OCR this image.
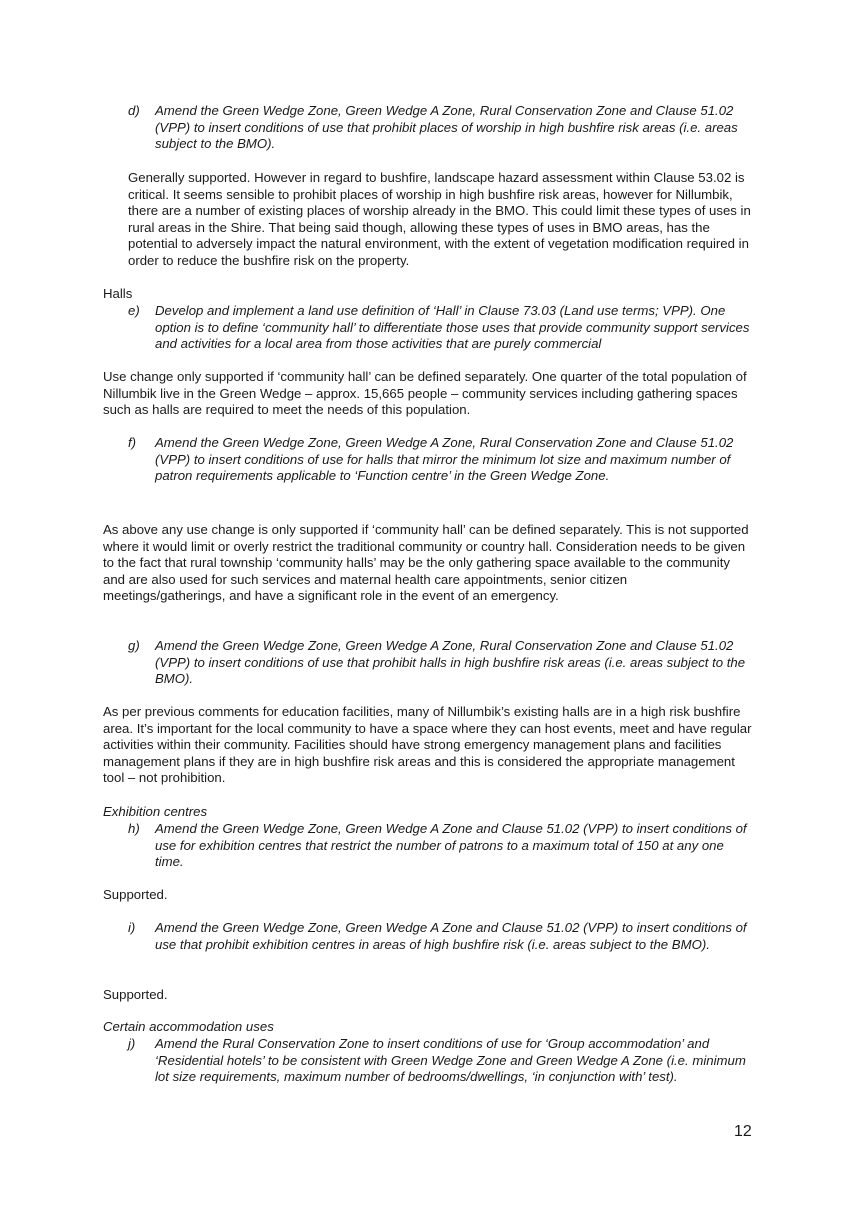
d) Amend the Green Wedge Zone, Green Wedge A Zone, Rural Conservation Zone and Clause 51.02 (VPP) to insert conditions of use that prohibit places of worship in high bushfire risk areas (i.e. areas subject to the BMO).

Generally supported. However in regard to bushfire, landscape hazard assessment within Clause 53.02 is critical. It seems sensible to prohibit places of worship in high bushfire risk areas, however for Nillumbik, there are a number of existing places of worship already in the BMO. This could limit these types of uses in rural areas in the Shire. That being said though, allowing these types of uses in BMO areas, has the potential to adversely impact the natural environment, with the extent of vegetation modification required in order to reduce the bushfire risk on the property.

Halls

e) Develop and implement a land use definition of ‘Hall’ in Clause 73.03 (Land use terms; VPP). One option is to define ‘community hall’ to differentiate those uses that provide community support services and activities for a local area from those activities that are purely commercial

Use change only supported if ‘community hall’ can be defined separately. One quarter of the total population of Nillumbik live in the Green Wedge – approx. 15,665 people – community services including gathering spaces such as halls are required to meet the needs of this population.

f) Amend the Green Wedge Zone, Green Wedge A Zone, Rural Conservation Zone and Clause 51.02 (VPP) to insert conditions of use for halls that mirror the minimum lot size and maximum number of patron requirements applicable to ‘Function centre’ in the Green Wedge Zone.

As above any use change is only supported if ‘community hall’ can be defined separately. This is not supported where it would limit or overly restrict the traditional community or country hall. Consideration needs to be given to the fact that rural township ‘community halls’ may be the only gathering space available to the community and are also used for such services and maternal health care appointments, senior citizen meetings/gatherings, and have a significant role in the event of an emergency.

g) Amend the Green Wedge Zone, Green Wedge A Zone, Rural Conservation Zone and Clause 51.02 (VPP) to insert conditions of use that prohibit halls in high bushfire risk areas (i.e. areas subject to the BMO).

As per previous comments for education facilities, many of Nillumbik’s existing halls are in a high risk bushfire area. It’s important for the local community to have a space where they can host events, meet and have regular activities within their community. Facilities should have strong emergency management plans and facilities management plans if they are in high bushfire risk areas and this is considered the appropriate management tool – not prohibition.

Exhibition centres

h) Amend the Green Wedge Zone, Green Wedge A Zone and Clause 51.02 (VPP) to insert conditions of use for exhibition centres that restrict the number of patrons to a maximum total of 150 at any one time.

Supported.

i) Amend the Green Wedge Zone, Green Wedge A Zone and Clause 51.02 (VPP) to insert conditions of use that prohibit exhibition centres in areas of high bushfire risk (i.e. areas subject to the BMO).

Supported.

Certain accommodation uses

j) Amend the Rural Conservation Zone to insert conditions of use for ‘Group accommodation’ and ‘Residential hotels’ to be consistent with Green Wedge Zone and Green Wedge A Zone (i.e. minimum lot size requirements, maximum number of bedrooms/dwellings, ‘in conjunction with’ test).
12
